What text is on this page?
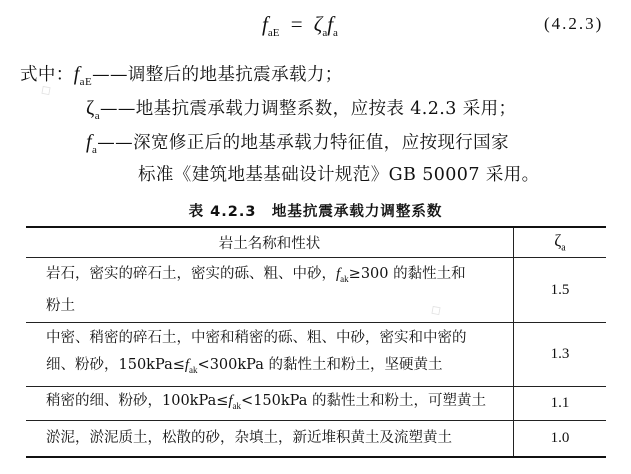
⬦
⬦
$f_{aE} = \zeta_af_a$
(4.2.3)
式中：$f_{aE}——$调整后的地基抗震承载力；
$\zeta_a——$地基抗震承载力调整系数，应按表 4.2.3 采用；
$f_a——$深宽修正后的地基承载力特征值，应按现行国家
标准《建筑地基基础设计规范》GB 50007 采用。
表 4.2.3　地基抗震承载力调整系数
岩土名称和性状	$\zeta_a$
岩石，密实的碎石土，密实的砾、粗、中砂，$f_{ak}\ge 300$ 的黏性土和
粉土	1.5
中密、稍密的碎石土，中密和稍密的砾、粗、中砂，密实和中密的
细、粉砂，$150kPa\le f_{ak}<300kPa$ 的黏性土和粉土，坚硬黄土	1.3
稍密的细、粉砂，$100kPa\le f_{ak}<150kPa$ 的黏性土和粉土，可塑黄土	1.1
淤泥，淤泥质土，松散的砂，杂填土，新近堆积黄土及流塑黄土	1.0
